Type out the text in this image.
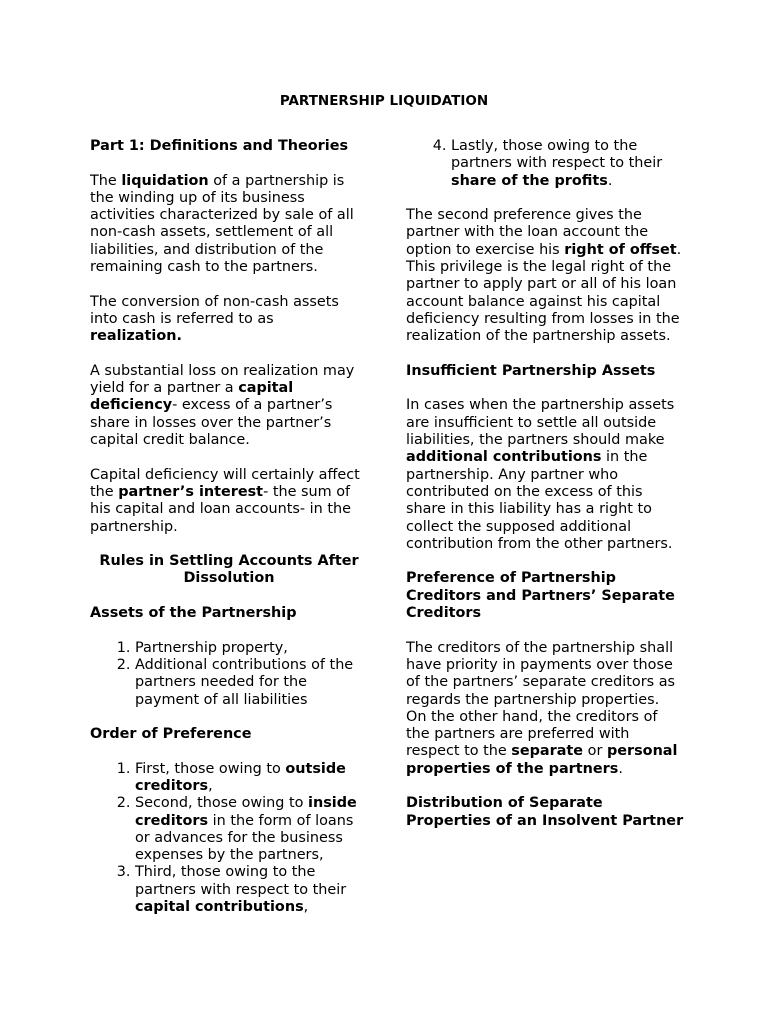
PARTNERSHIP LIQUIDATION
Part 1: Definitions and Theories

The liquidation of a partnership is the winding up of its business activities characterized by sale of all non-cash assets, settlement of all liabilities, and distribution of the remaining cash to the partners.

The conversion of non-cash assets into cash is referred to as realization.

A substantial loss on realization may yield for a partner a capital deficiency- excess of a partner’s share in losses over the partner’s capital credit balance.

Capital deficiency will certainly affect the partner’s interest- the sum of his capital and loan accounts- in the partnership.

Rules in Settling Accounts After Dissolution
Assets of the Partnership
1. Partnership property,
2. Additional contributions of the partners needed for the payment of all liabilities
Order of Preference
1. First, those owing to outside creditors,
2. Second, those owing to inside creditors in the form of loans or advances for the business expenses by the partners,
3. Third, those owing to the partners with respect to their capital contributions,
4. Lastly, those owing to the partners with respect to their share of the profits.

The second preference gives the partner with the loan account the option to exercise his right of offset. This privilege is the legal right of the partner to apply part or all of his loan account balance against his capital deficiency resulting from losses in the realization of the partnership assets.

Insufficient Partnership Assets

In cases when the partnership assets are insufficient to settle all outside liabilities, the partners should make additional contributions in the partnership. Any partner who contributed on the excess of this share in this liability has a right to collect the supposed additional contribution from the other partners.

Preference of Partnership Creditors and Partners’ Separate Creditors

The creditors of the partnership shall have priority in payments over those of the partners’ separate creditors as regards the partnership properties. On the other hand, the creditors of the partners are preferred with respect to the separate or personal properties of the partners.

Distribution of Separate Properties of an Insolvent Partner
